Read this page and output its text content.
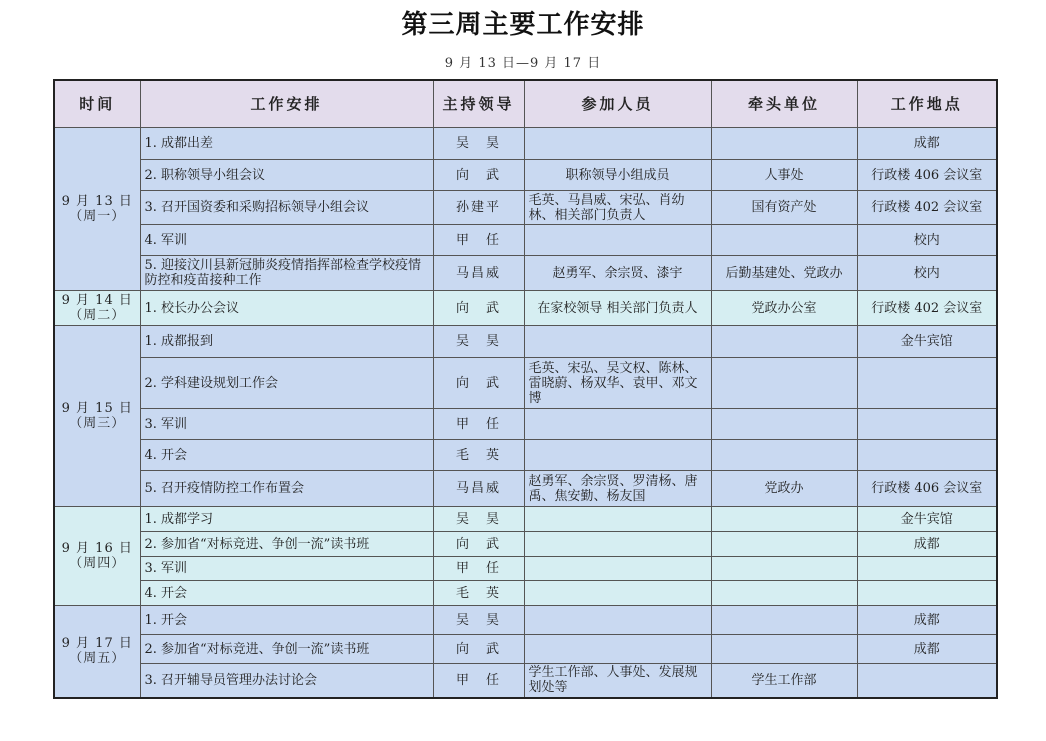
第三周主要工作安排
9 月 13 日—9 月 17 日
时间	工作安排	主持领导	参加人员	牵头单位	工作地点

9 月 13 日
（周一）	1. 成都出差	吴　昊			成都
	2. 职称领导小组会议	向　武	职称领导小组成员	人事处	行政楼 406 会议室
	3. 召开国资委和采购招标领导小组会议	孙建平	毛英、马昌威、宋弘、肖幼林、相关部门负责人	国有资产处	行政楼 402 会议室
	4. 军训	甲　任			校内
	5. 迎接汶川县新冠肺炎疫情指挥部检查学校疫情防控和疫苗接种工作	马昌威	赵勇军、余宗贤、漆宇	后勤基建处、党政办	校内

9 月 14 日
（周二）	1. 校长办公会议	向　武	在家校领导 相关部门负责人	党政办公室	行政楼 402 会议室

9 月 15 日
（周三）	1. 成都报到	吴　昊			金牛宾馆
	2. 学科建设规划工作会	向　武	毛英、宋弘、吴文权、陈林、雷晓蔚、杨双华、袁甲、邓文博		
	3. 军训	甲　任			
	4. 开会	毛　英			
	5. 召开疫情防控工作布置会	马昌威	赵勇军、余宗贤、罗清杨、唐禹、焦安勤、杨友国	党政办	行政楼 406 会议室

9 月 16 日
（周四）	1. 成都学习	吴　昊			金牛宾馆
	2. 参加省“对标竞进、争创一流”读书班	向　武			成都
	3. 军训	甲　任			
	4. 开会	毛　英			

9 月 17 日
（周五）	1. 开会	吴　昊			成都
	2. 参加省“对标竞进、争创一流”读书班	向　武			成都
	3. 召开辅导员管理办法讨论会	甲　任	学生工作部、人事处、发展规划处等	学生工作部	
